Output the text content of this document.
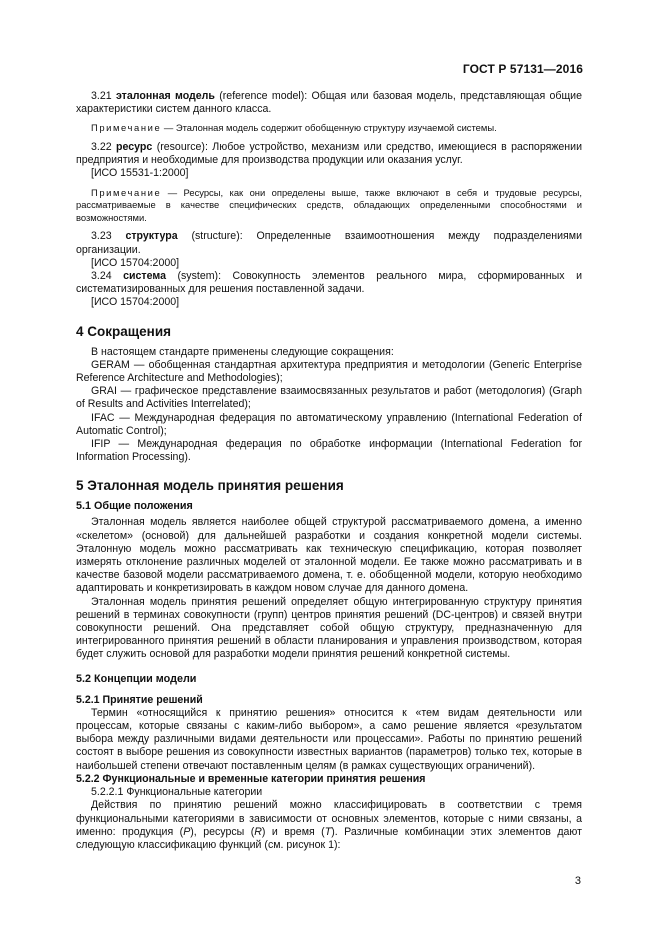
ГОСТ Р 57131—2016

3.21 эталонная модель (reference model): Общая или базовая модель, представляющая общие характеристики систем данного класса.

Примечание — Эталонная модель содержит обобщенную структуру изучаемой системы.

3.22 ресурс (resource): Любое устройство, механизм или средство, имеющиеся в распоряжении предприятия и необходимые для производства продукции или оказания услуг.

[ИСО 15531-1:2000]

Примечание — Ресурсы, как они определены выше, также включают в себя и трудовые ресурсы, рассматриваемые в качестве специфических средств, обладающих определенными способностями и возможностями.

3.23 структура (structure): Определенные взаимоотношения между подразделениями организации.

[ИСО 15704:2000]

3.24 система (system): Совокупность элементов реального мира, сформированных и систематизированных для решения поставленной задачи.

[ИСО 15704:2000]

4 Сокращения

В настоящем стандарте применены следующие сокращения:

GERAM — обобщенная стандартная архитектура предприятия и методологии (Generic Enterprise Reference Architecture and Methodologies);

GRAI — графическое представление взаимосвязанных результатов и работ (методология) (Graph of Results and Activities Interrelated);

IFAC — Международная федерация по автоматическому управлению (International Federation of Automatic Control);

IFIP — Международная федерация по обработке информации (International Federation for Information Processing).

5 Эталонная модель принятия решения
5.1 Общие положения

Эталонная модель является наиболее общей структурой рассматриваемого домена, а именно «скелетом» (основой) для дальнейшей разработки и создания конкретной модели системы. Эталонную модель можно рассматривать как техническую спецификацию, которая позволяет измерять отклонение различных моделей от эталонной модели. Ее также можно рассматривать и в качестве базовой модели рассматриваемого домена, т. е. обобщенной модели, которую необходимо адаптировать и конкретизировать в каждом новом случае для данного домена.

Эталонная модель принятия решений определяет общую интегрированную структуру принятия решений в терминах совокупности (групп) центров принятия решений (DC-центров) и связей внутри совокупности решений. Она представляет собой общую структуру, предназначенную для интегрированного принятия решений в области планирования и управления производством, которая будет служить основой для разработки модели принятия решений конкретной системы.

5.2 Концепции модели
5.2.1 Принятие решений

Термин «относящийся к принятию решения» относится к «тем видам деятельности или процессам, которые связаны с каким-либо выбором», а само решение является «результатом выбора между различными видами деятельности или процессами». Работы по принятию решений состоят в выборе решения из совокупности известных вариантов (параметров) только тех, которые в наибольшей степени отвечают поставленным целям (в рамках существующих ограничений).

5.2.2 Функциональные и временные категории принятия решения

5.2.2.1 Функциональные категории

Действия по принятию решений можно классифицировать в соответствии с тремя функциональными категориями в зависимости от основных элементов, которые с ними связаны, а именно: продукция (P), ресурсы (R) и время (T). Различные комбинации этих элементов дают следующую классификацию функций (см. рисунок 1):

3
